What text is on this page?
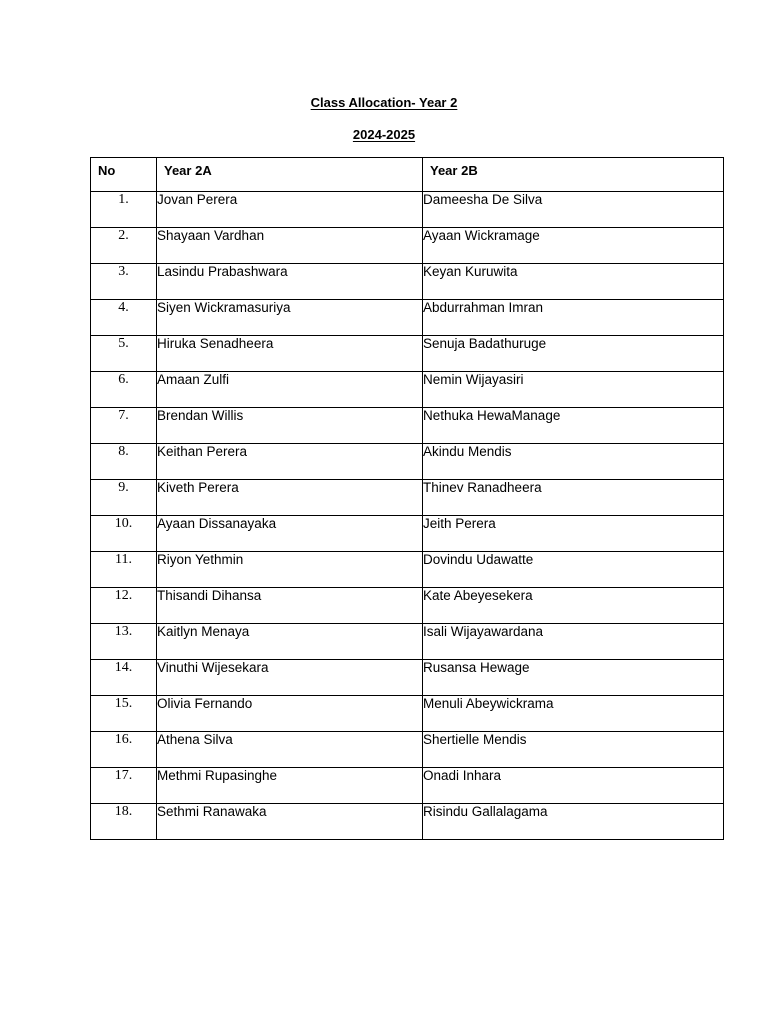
Class Allocation- Year 2
2024-2025
No	Year 2A	Year 2B
1.	Jovan Perera	Dameesha De Silva
2.	Shayaan Vardhan	Ayaan Wickramage
3.	Lasindu Prabashwara	Keyan Kuruwita
4.	Siyen Wickramasuriya	Abdurrahman Imran
5.	Hiruka Senadheera	Senuja Badathuruge
6.	Amaan Zulfi	Nemin Wijayasiri
7.	Brendan Willis	Nethuka HewaManage
8.	Keithan Perera	Akindu Mendis
9.	Kiveth Perera	Thinev Ranadheera
10.	Ayaan Dissanayaka	Jeith Perera
11.	Riyon Yethmin	Dovindu Udawatte
12.	Thisandi Dihansa	Kate Abeyesekera
13.	Kaitlyn Menaya	Isali Wijayawardana
14.	Vinuthi Wijesekara	Rusansa Hewage
15.	Olivia Fernando	Menuli Abeywickrama
16.	Athena Silva	Shertielle Mendis
17.	Methmi Rupasinghe	Onadi Inhara
18.	Sethmi Ranawaka	Risindu Gallalagama
